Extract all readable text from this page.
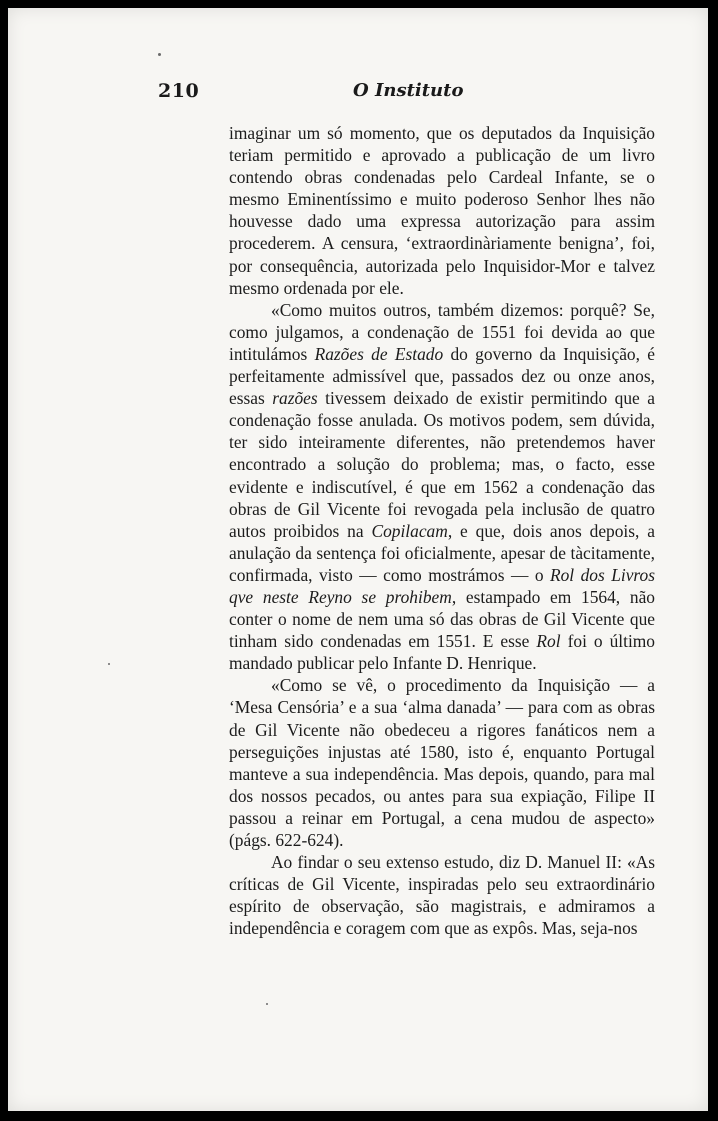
210	O Instituto

imaginar um só momento, que os deputados da Inquisição teriam permitido e aprovado a publicação de um livro contendo obras condenadas pelo Cardeal Infante, se o mesmo Eminentíssimo e muito poderoso Senhor lhes não houvesse dado uma expressa autorização para assim procederem. A censura, ‘extraordinàriamente benigna’, foi, por consequência, autorizada pelo Inquisidor-Mor e talvez mesmo ordenada por ele.

«Como muitos outros, também dizemos: porquê? Se, como julgamos, a condenação de 1551 foi devida ao que intitulámos Razões de Estado do governo da Inquisição, é perfeitamente admissível que, passados dez ou onze anos, essas razões tivessem deixado de existir permitindo que a condenação fosse anulada. Os motivos podem, sem dúvida, ter sido inteiramente diferentes, não pretendemos haver encontrado a solução do problema; mas, o facto, esse evidente e indiscutível, é que em 1562 a condenação das obras de Gil Vicente foi revogada pela inclusão de quatro autos proibidos na Copilacam, e que, dois anos depois, a anulação da sentença foi oficialmente, apesar de tàcitamente, confirmada, visto — como mostrámos — o Rol dos Livros qve neste Reyno se prohibem, estampado em 1564, não conter o nome de nem uma só das obras de Gil Vicente que tinham sido condenadas em 1551. E esse Rol foi o último mandado publicar pelo Infante D. Henrique.

«Como se vê, o procedimento da Inquisição — a ‘Mesa Censória’ e a sua ‘alma danada’ — para com as obras de Gil Vicente não obedeceu a rigores fanáticos nem a perseguições injustas até 1580, isto é, enquanto Portugal manteve a sua independência. Mas depois, quando, para mal dos nossos pecados, ou antes para sua expiação, Filipe II passou a reinar em Portugal, a cena mudou de aspecto» (págs. 622-624).

Ao findar o seu extenso estudo, diz D. Manuel II: «As críticas de Gil Vicente, inspiradas pelo seu extraordinário espírito de observação, são magistrais, e admiramos a independência e coragem com que as expôs. Mas, seja-nos
